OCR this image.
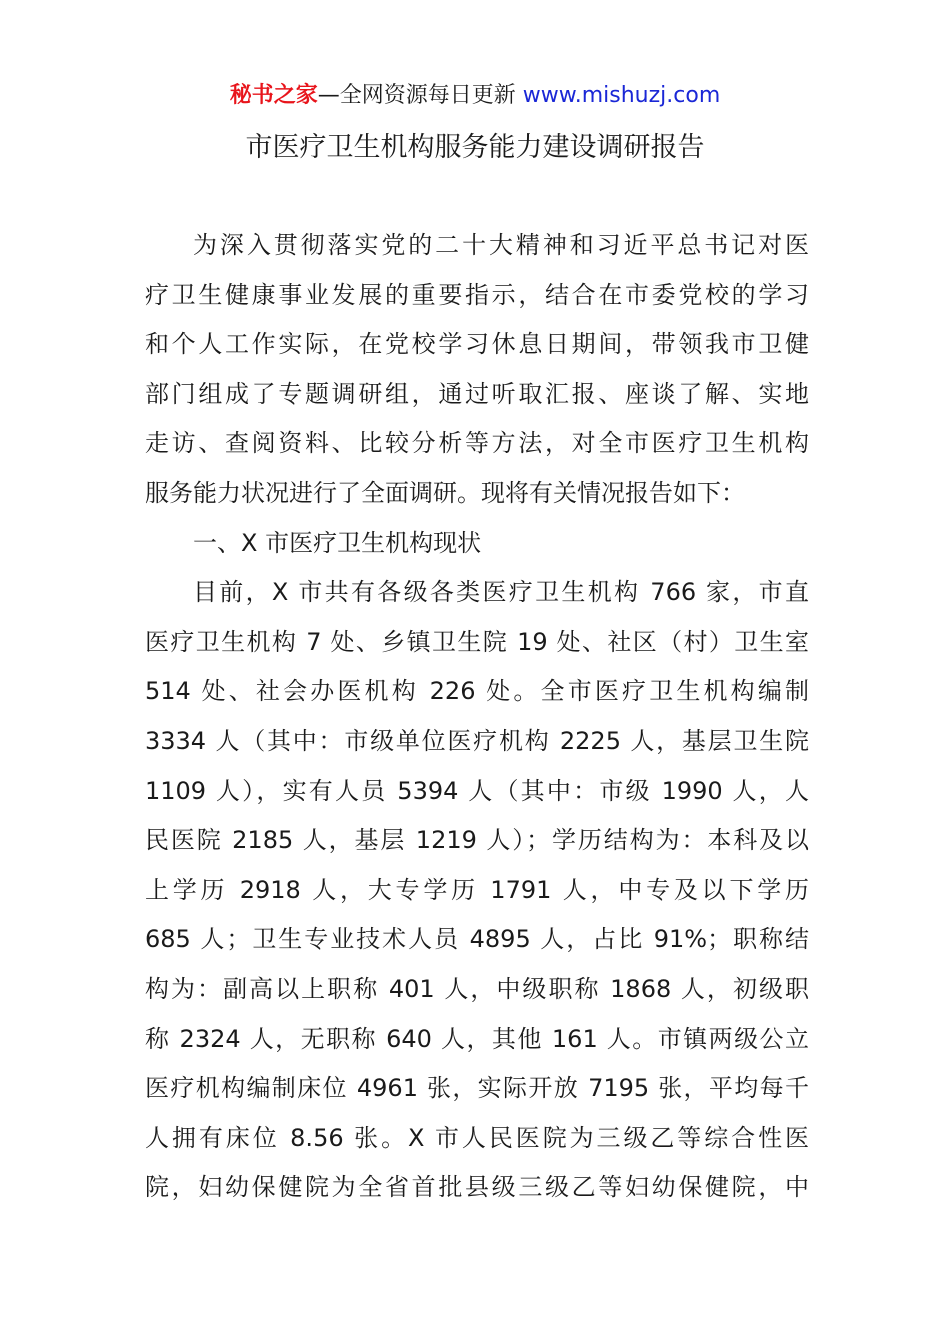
秘书之家—全网资源每日更新 www.mishuzj.com
市医疗卫生机构服务能力建设调研报告
为深入贯彻落实党的二十大精神和习近平总书记对医
疗卫生健康事业发展的重要指示，结合在市委党校的学习
和个人工作实际，在党校学习休息日期间，带领我市卫健
部门组成了专题调研组，通过听取汇报、座谈了解、实地
走访、查阅资料、比较分析等方法，对全市医疗卫生机构
服务能力状况进行了全面调研。现将有关情况报告如下：
一、X 市医疗卫生机构现状
目前，X 市共有各级各类医疗卫生机构 766 家，市直
医疗卫生机构 7 处、乡镇卫生院 19 处、社区（村）卫生室
514 处、社会办医机构 226 处。全市医疗卫生机构编制
3334 人（其中：市级单位医疗机构 2225 人，基层卫生院
1109 人），实有人员 5394 人（其中：市级 1990 人，人
民医院 2185 人，基层 1219 人）；学历结构为：本科及以
上学历 2918 人，大专学历 1791 人，中专及以下学历
685 人；卫生专业技术人员 4895 人，占比 91%；职称结
构为：副高以上职称 401 人，中级职称 1868 人，初级职
称 2324 人，无职称 640 人，其他 161 人。市镇两级公立
医疗机构编制床位 4961 张，实际开放 7195 张，平均每千
人拥有床位 8.56 张。X 市人民医院为三级乙等综合性医
院，妇幼保健院为全省首批县级三级乙等妇幼保健院，中
